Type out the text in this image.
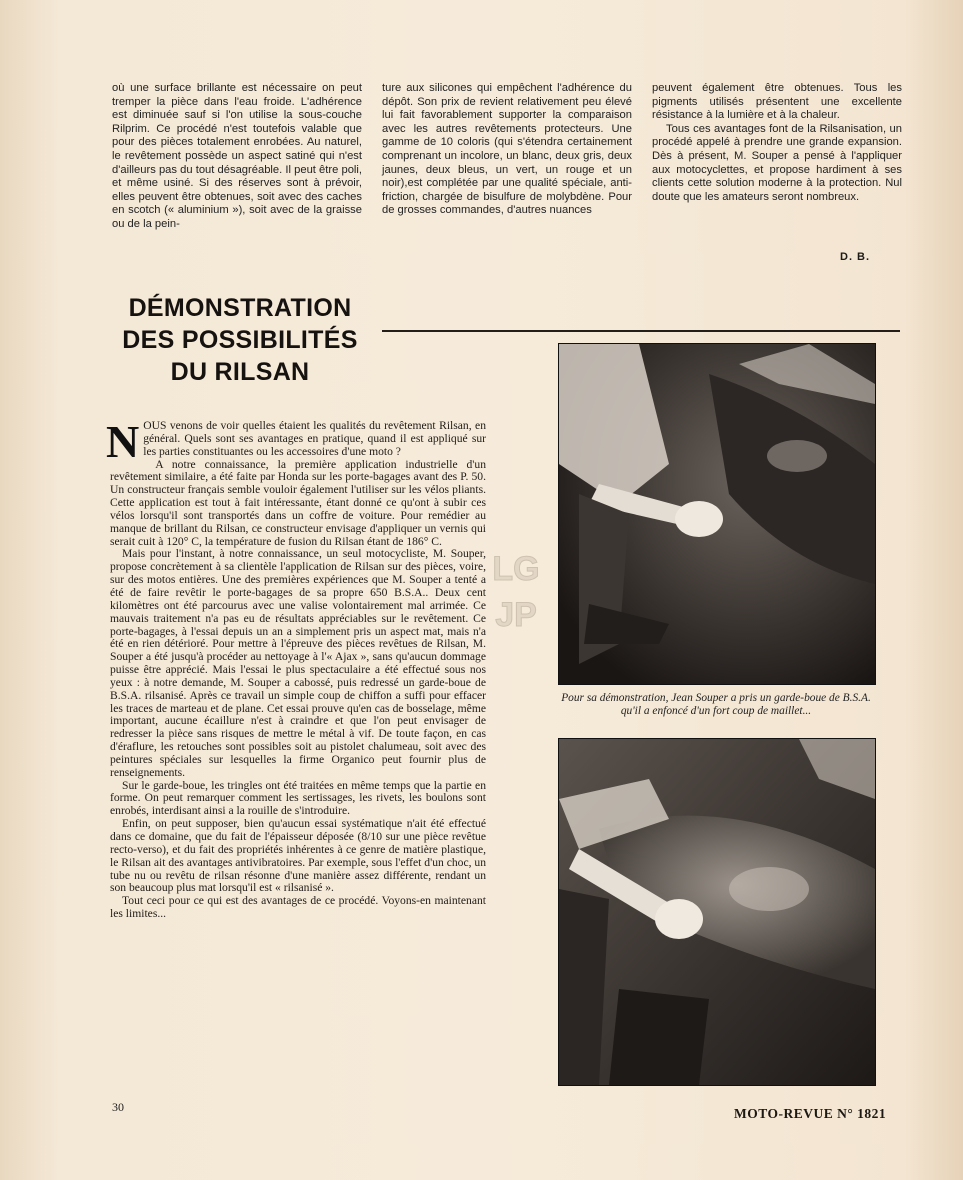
où une surface brillante est nécessaire on peut tremper la pièce dans l'eau froide. L'adhérence est diminuée sauf si l'on utilise la sous-couche Rilprim. Ce procédé n'est toutefois valable que pour des pièces totalement enrobées. Au naturel, le revêtement possède un aspect satiné qui n'est d'ailleurs pas du tout désagréable. Il peut être poli, et même usiné. Si des réserves sont à prévoir, elles peuvent être obtenues, soit avec des caches en scotch (« aluminium »), soit avec de la graisse ou de la pein-

ture aux silicones qui empêchent l'adhérence du dépôt. Son prix de revient relativement peu élevé lui fait favorablement supporter la comparaison avec les autres revêtements protecteurs. Une gamme de 10 coloris (qui s'étendra certainement comprenant un incolore, un blanc, deux gris, deux jaunes, deux bleus, un vert, un rouge et un noir),est complétée par une qualité spéciale, anti-friction, chargée de bisulfure de molybdène. Pour de grosses commandes, d'autres nuances

peuvent également être obtenues. Tous les pigments utilisés présentent une excellente résistance à la lumière et à la chaleur.

Tous ces avantages font de la Rilsanisation, un procédé appelé à prendre une grande expansion. Dès à présent, M. Souper a pensé à l'appliquer aux motocyclettes, et propose hardiment à ses clients cette solution moderne à la protection. Nul doute que les amateurs seront nombreux.

D. B.
DÉMONSTRATION
DES POSSIBILITÉS
DU RILSAN

NOUS venons de voir quelles étaient les qualités du revêtement Rilsan, en général. Quels sont ses avantages en pratique, quand il est appliqué sur les parties constituantes ou les accessoires d'une moto ?

A notre connaissance, la première application industrielle d'un revêtement similaire, a été faite par Honda sur les porte-bagages avant des P. 50. Un constructeur français semble vouloir également l'utiliser sur les vélos pliants. Cette application est tout à fait intéressante, étant donné ce qu'ont à subir ces vélos lorsqu'il sont transportés dans un coffre de voiture. Pour remédier au manque de brillant du Rilsan, ce constructeur envisage d'appliquer un vernis qui serait cuit à 120° C, la température de fusion du Rilsan étant de 186° C.

Mais pour l'instant, à notre connaissance, un seul motocycliste, M. Souper, propose concrètement à sa clientèle l'application de Rilsan sur des pièces, voire, sur des motos entières. Une des premières expériences que M. Souper a tenté a été de faire revêtir le porte-bagages de sa propre 650 B.S.A.. Deux cent kilomètres ont été parcourus avec une valise volontairement mal arrimée. Ce mauvais traitement n'a pas eu de résultats appréciables sur le revêtement. Ce porte-bagages, à l'essai depuis un an a simplement pris un aspect mat, mais n'a été en rien détérioré. Pour mettre à l'épreuve des pièces revêtues de Rilsan, M. Souper a été jusqu'à procéder au nettoyage à l'« Ajax », sans qu'aucun dommage puisse être apprécié. Mais l'essai le plus spectaculaire a été effectué sous nos yeux : à notre demande, M. Souper a cabossé, puis redressé un garde-boue de B.S.A. rilsanisé. Après ce travail un simple coup de chiffon a suffi pour effacer les traces de marteau et de plane. Cet essai prouve qu'en cas de bosselage, même important, aucune écaillure n'est à craindre et que l'on peut envisager de redresser la pièce sans risques de mettre le métal à vif. De toute façon, en cas d'éraflure, les retouches sont possibles soit au pistolet chalumeau, soit avec des peintures spéciales sur lesquelles la firme Organico peut fournir plus de renseignements.

Sur le garde-boue, les tringles ont été traitées en même temps que la partie en forme. On peut remarquer comment les sertissages, les rivets, les boulons sont enrobés, interdisant ainsi a la rouille de s'introduire.

Enfin, on peut supposer, bien qu'aucun essai systématique n'ait été effectué dans ce domaine, que du fait de l'épaisseur déposée (8/10 sur une pièce revêtue recto-verso), et du fait des propriétés inhérentes à ce genre de matière plastique, le Rilsan ait des avantages antivibratoires. Par exemple, sous l'effet d'un choc, un tube nu ou revêtu de rilsan résonne d'une manière assez différente, rendant un son beaucoup plus mat lorsqu'il est « rilsanisé ».

Tout ceci pour ce qui est des avantages de ce procédé. Voyons-en maintenant les limites...

LG
JP
Pour sa démonstration, Jean Souper a pris un garde-boue de B.S.A. qu'il a enfoncé d'un fort coup de maillet...
30	MOTO-REVUE N° 1821
